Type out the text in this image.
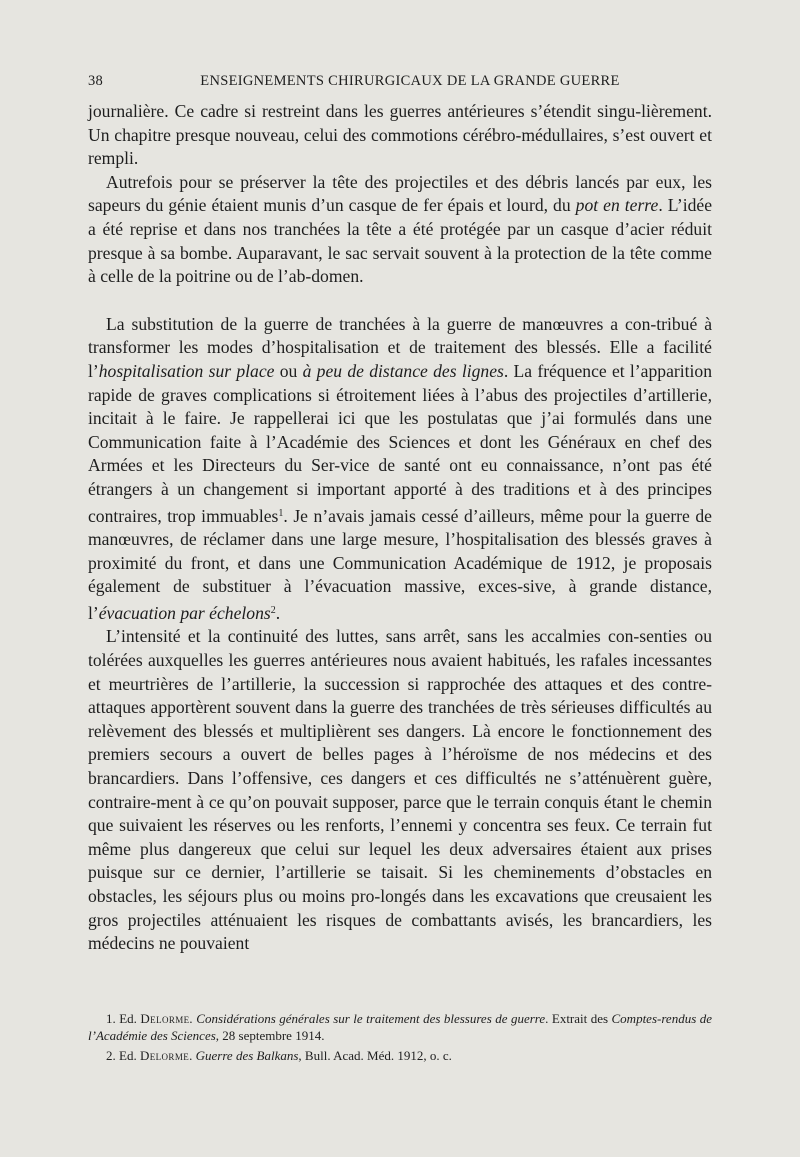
38	ENSEIGNEMENTS CHIRURGICAUX DE LA GRANDE GUERRE

journalière. Ce cadre si restreint dans les guerres antérieures s’étendit singu-lièrement. Un chapitre presque nouveau, celui des commotions cérébro-médullaires, s’est ouvert et rempli.

Autrefois pour se préserver la tête des projectiles et des débris lancés par eux, les sapeurs du génie étaient munis d’un casque de fer épais et lourd, du pot en terre. L’idée a été reprise et dans nos tranchées la tête a été protégée par un casque d’acier réduit presque à sa bombe. Auparavant, le sac servait souvent à la protection de la tête comme à celle de la poitrine ou de l’ab-domen.

La substitution de la guerre de tranchées à la guerre de manœuvres a con-tribué à transformer les modes d’hospitalisation et de traitement des blessés. Elle a facilité l’hospitalisation sur place ou à peu de distance des lignes. La fréquence et l’apparition rapide de graves complications si étroitement liées à l’abus des projectiles d’artillerie, incitait à le faire. Je rappellerai ici que les postulatas que j’ai formulés dans une Communication faite à l’Académie des Sciences et dont les Généraux en chef des Armées et les Directeurs du Ser-vice de santé ont eu connaissance, n’ont pas été étrangers à un changement si important apporté à des traditions et à des principes contraires, trop immuables$^1$. Je n’avais jamais cessé d’ailleurs, même pour la guerre de manœuvres, de réclamer dans une large mesure, l’hospitalisation des blessés graves à proximité du front, et dans une Communication Académique de 1912, je proposais également de substituer à l’évacuation massive, exces-sive, à grande distance, l’évacuation par échelons$^2$.

L’intensité et la continuité des luttes, sans arrêt, sans les accalmies con-senties ou tolérées auxquelles les guerres antérieures nous avaient habitués, les rafales incessantes et meurtrières de l’artillerie, la succession si rapprochée des attaques et des contre-attaques apportèrent souvent dans la guerre des tranchées de très sérieuses difficultés au relèvement des blessés et multiplièrent ses dangers. Là encore le fonctionnement des premiers secours a ouvert de belles pages à l’héroïsme de nos médecins et des brancardiers. Dans l’offensive, ces dangers et ces difficultés ne s’atténuèrent guère, contraire-ment à ce qu’on pouvait supposer, parce que le terrain conquis étant le chemin que suivaient les réserves ou les renforts, l’ennemi y concentra ses feux. Ce terrain fut même plus dangereux que celui sur lequel les deux adversaires étaient aux prises puisque sur ce dernier, l’artillerie se taisait. Si les cheminements d’obstacles en obstacles, les séjours plus ou moins pro-longés dans les excavations que creusaient les gros projectiles atténuaient les risques de combattants avisés, les brancardiers, les médecins ne pouvaient

1. Ed. Delorme. Considérations générales sur le traitement des blessures de guerre. Extrait des Comptes-rendus de l’Académie des Sciences, 28 septembre 1914.

2. Ed. Delorme. Guerre des Balkans, Bull. Acad. Méd. 1912, o. c.
